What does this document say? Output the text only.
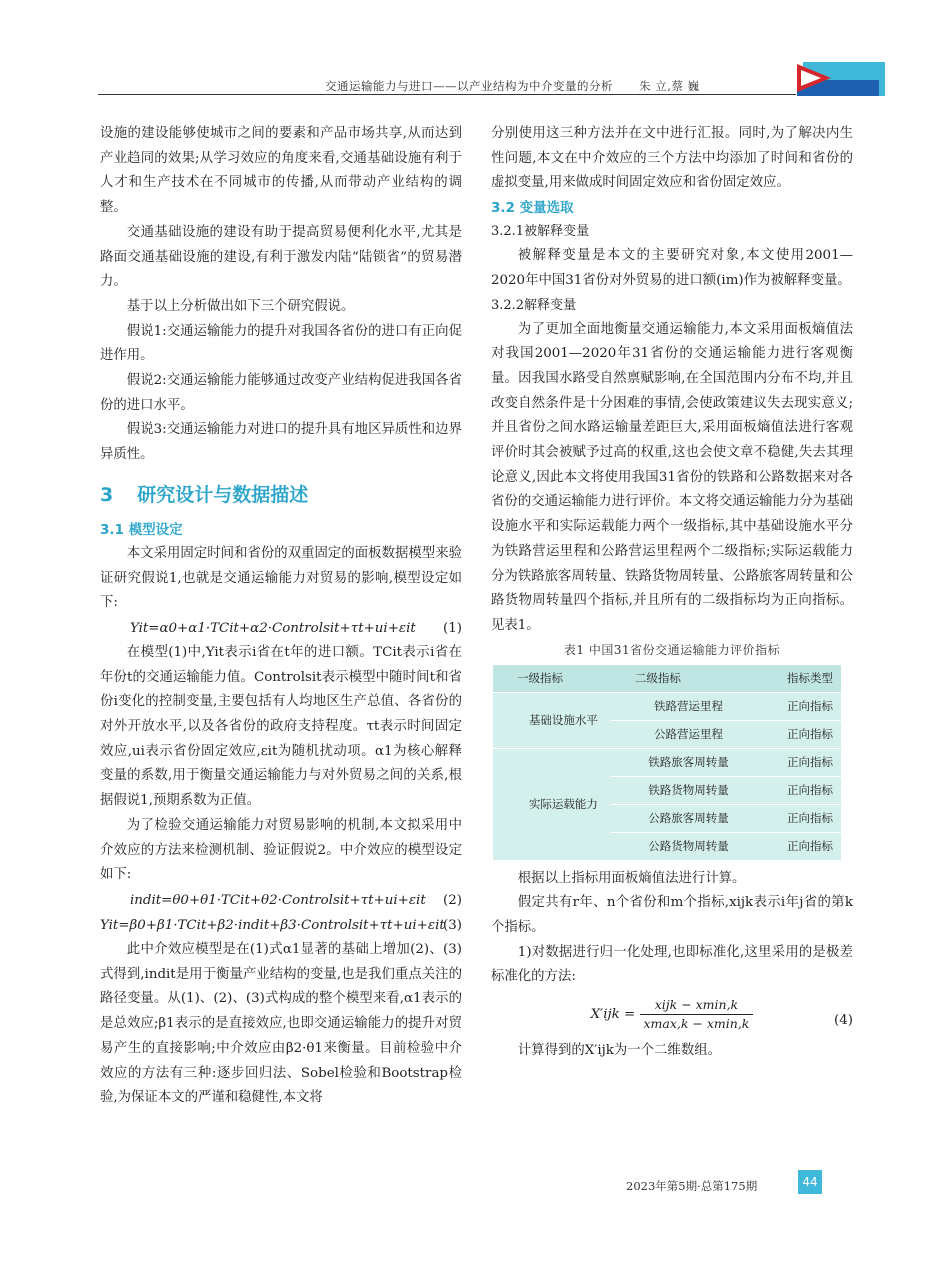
交通运输能力与进口——以产业结构为中介变量的分析 朱 立,蔡 巍

设施的建设能够使城市之间的要素和产品市场共享,从而达到产业趋同的效果;从学习效应的角度来看,交通基础设施有利于人才和生产技术在不同城市的传播,从而带动产业结构的调整。

交通基础设施的建设有助于提高贸易便利化水平,尤其是路面交通基础设施的建设,有利于激发内陆“陆锁省”的贸易潜力。

基于以上分析做出如下三个研究假说。

假说1:交通运输能力的提升对我国各省份的进口有正向促进作用。

假说2:交通运输能力能够通过改变产业结构促进我国各省份的进口水平。

假说3:交通运输能力对进口的提升具有地区异质性和边界异质性。

3 研究设计与数据描述
3.1 模型设定

本文采用固定时间和省份的双重固定的面板数据模型来验证研究假说1,也就是交通运输能力对贸易的影响,模型设定如下:

(1)
Yit=α0+α1·TCit+α2·Controlsit+τt+ui+εit

在模型(1)中,Yit表示i省在t年的进口额。TCit表示i省在年份t的交通运输能力值。Controlsit表示模型中随时间t和省份i变化的控制变量,主要包括有人均地区生产总值、各省份的对外开放水平,以及各省份的政府支持程度。τt表示时间固定效应,ui表示省份固定效应,εit为随机扰动项。α1为核心解释变量的系数,用于衡量交通运输能力与对外贸易之间的关系,根据假说1,预期系数为正值。

为了检验交通运输能力对贸易影响的机制,本文拟采用中介效应的方法来检测机制、验证假说2。中介效应的模型设定如下:

(2)
indit=θ0+θ1·TCit+θ2·Controlsit+τt+ui+εit
(3)
Yit=β0+β1·TCit+β2·indit+β3·Controlsit+τt+ui+εit

此中介效应模型是在(1)式α1显著的基础上增加(2)、(3)式得到,indit是用于衡量产业结构的变量,也是我们重点关注的路径变量。从(1)、(2)、(3)式构成的整个模型来看,α1表示的是总效应;β1表示的是直接效应,也即交通运输能力的提升对贸易产生的直接影响;中介效应由β2·θ1来衡量。目前检验中介效应的方法有三种:逐步回归法、Sobel检验和Bootstrap检验,为保证本文的严谨和稳健性,本文将

分别使用这三种方法并在文中进行汇报。同时,为了解决内生性问题,本文在中介效应的三个方法中均添加了时间和省份的虚拟变量,用来做成时间固定效应和省份固定效应。

3.2 变量选取
3.2.1被解释变量

被解释变量是本文的主要研究对象,本文使用2001—2020年中国31省份对外贸易的进口额(im)作为被解释变量。

3.2.2解释变量

为了更加全面地衡量交通运输能力,本文采用面板熵值法对我国2001—2020年31省份的交通运输能力进行客观衡量。因我国水路受自然禀赋影响,在全国范围内分布不均,并且改变自然条件是十分困难的事情,会使政策建议失去现实意义;并且省份之间水路运输量差距巨大,采用面板熵值法进行客观评价时其会被赋予过高的权重,这也会使文章不稳健,失去其理论意义,因此本文将使用我国31省份的铁路和公路数据来对各省份的交通运输能力进行评价。本文将交通运输能力分为基础设施水平和实际运载能力两个一级指标,其中基础设施水平分为铁路营运里程和公路营运里程两个二级指标;实际运载能力分为铁路旅客周转量、铁路货物周转量、公路旅客周转量和公路货物周转量四个指标,并且所有的二级指标均为正向指标。见表1。

表1 中国31省份交通运输能力评价指标
一级指标	二级指标	指标类型
基础设施水平	铁路营运里程	正向指标
	公路营运里程	正向指标
实际运载能力	铁路旅客周转量	正向指标
	铁路货物周转量	正向指标
	公路旅客周转量	正向指标
	公路货物周转量	正向指标

根据以上指标用面板熵值法进行计算。

假定共有r年、n个省份和m个指标,xijk表示i年j省的第k个指标。

1)对数据进行归一化处理,也即标准化,这里采用的是极差标准化的方法:

(4)
$X'ijk = \frac{\text{xijk − xmin,k}}{xmax,k - xmin,k}$

计算得到的X′ijk为一个二维数组。

2023年第5期·总第175期	44
